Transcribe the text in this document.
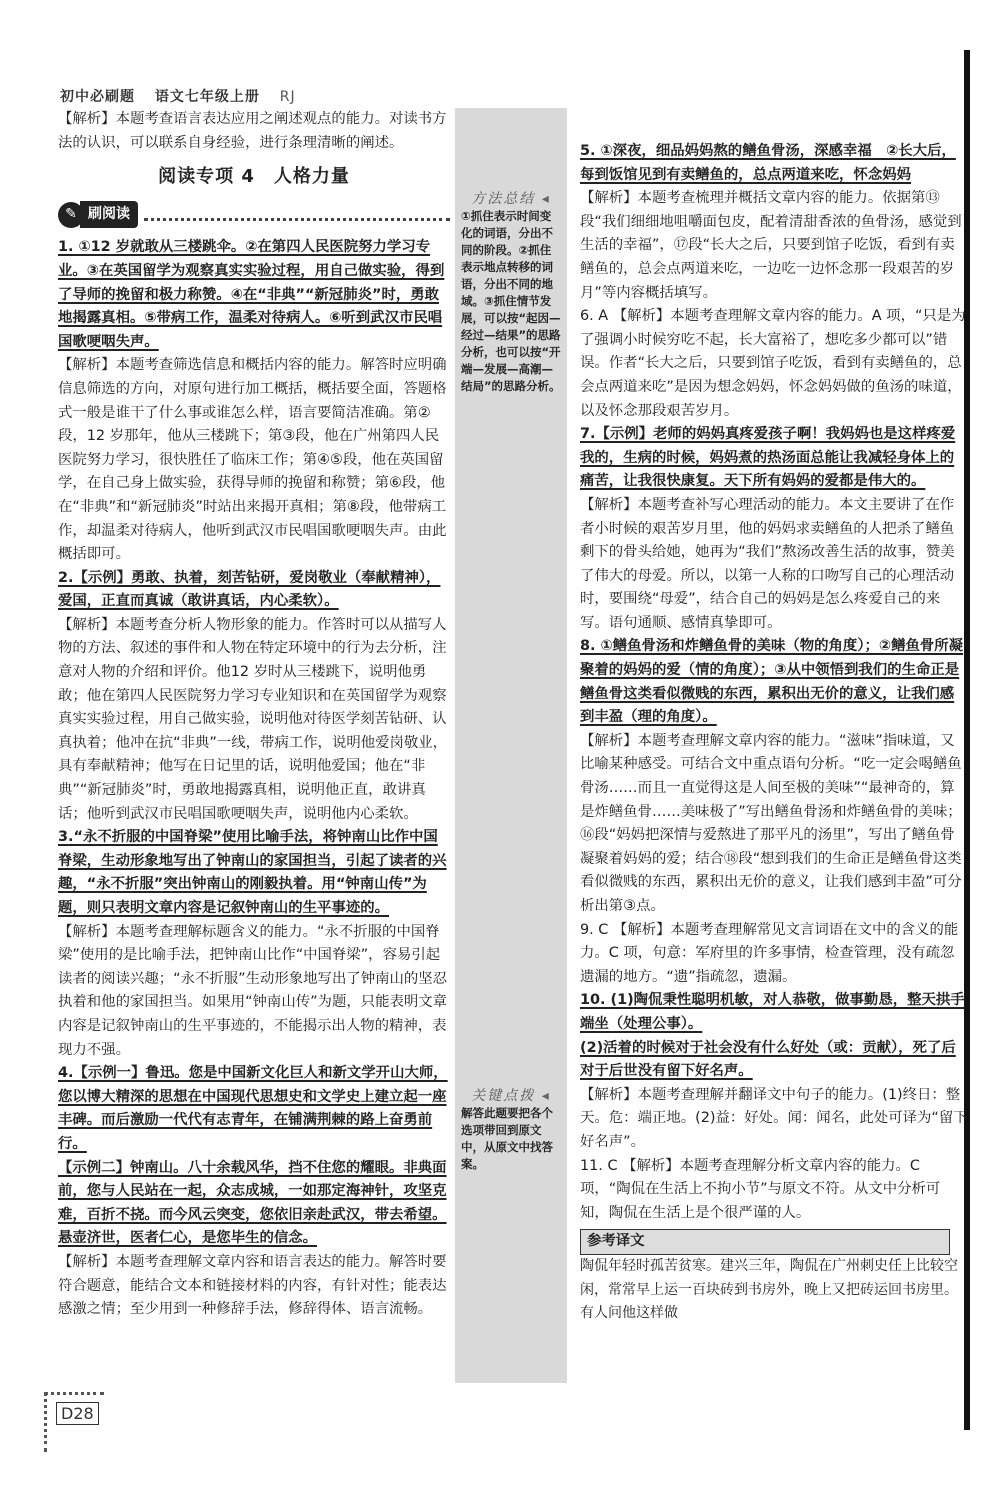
初中必刷题 语文七年级上册 RJ

【解析】本题考查语言表达应用之阐述观点的能力。对读书方法的认识，可以联系自身经验，进行条理清晰的阐述。

阅读专项 4　人格力量

✎ 刷阅读

1. ①12 岁就敢从三楼跳伞。②在第四人民医院努力学习专业。③在英国留学为观察真实实验过程，用自己做实验，得到了导师的挽留和极力称赞。④在“非典”“新冠肺炎”时，勇敢地揭露真相。⑤带病工作，温柔对待病人。⑥听到武汉市民唱国歌哽咽失声。

【解析】本题考查筛选信息和概括内容的能力。解答时应明确信息筛选的方向，对原句进行加工概括，概括要全面，答题格式一般是谁干了什么事或谁怎么样，语言要简洁准确。第②段，12 岁那年，他从三楼跳下；第③段，他在广州第四人民医院努力学习，很快胜任了临床工作；第④⑤段，他在英国留学，在自己身上做实验，获得导师的挽留和称赞；第⑥段，他在“非典”和“新冠肺炎”时站出来揭开真相；第⑧段，他带病工作，却温柔对待病人，他听到武汉市民唱国歌哽咽失声。由此概括即可。

2.【示例】勇敢、执着，刻苦钻研，爱岗敬业（奉献精神），爱国，正直而真诚（敢讲真话，内心柔软）。

【解析】本题考查分析人物形象的能力。作答时可以从描写人物的方法、叙述的事件和人物在特定环境中的行为去分析，注意对人物的介绍和评价。他12 岁时从三楼跳下，说明他勇敢；他在第四人民医院努力学习专业知识和在英国留学为观察真实实验过程，用自己做实验，说明他对待医学刻苦钻研、认真执着；他冲在抗“非典”一线，带病工作，说明他爱岗敬业，具有奉献精神；他写在日记里的话，说明他爱国；他在“非典”“新冠肺炎”时，勇敢地揭露真相，说明他正直，敢讲真话；他听到武汉市民唱国歌哽咽失声，说明他内心柔软。

3.“永不折服的中国脊梁”使用比喻手法，将钟南山比作中国脊梁，生动形象地写出了钟南山的家国担当，引起了读者的兴趣，“永不折服”突出钟南山的刚毅执着。用“钟南山传”为题，则只表明文章内容是记叙钟南山的生平事迹的。

【解析】本题考查理解标题含义的能力。“永不折服的中国脊梁”使用的是比喻手法，把钟南山比作“中国脊梁”，容易引起读者的阅读兴趣；“永不折服”生动形象地写出了钟南山的坚忍执着和他的家国担当。如果用“钟南山传”为题，只能表明文章内容是记叙钟南山的生平事迹的，不能揭示出人物的精神，表现力不强。

4.【示例一】鲁迅。您是中国新文化巨人和新文学开山大师，您以博大精深的思想在中国现代思想史和文学史上建立起一座丰碑。而后激励一代代有志青年，在铺满荆棘的路上奋勇前行。

【示例二】钟南山。八十余载风华，挡不住您的耀眼。非典面前，您与人民站在一起，众志成城，一如那定海神针，攻坚克难，百折不挠。而今风云突变，您依旧亲赴武汉，带去希望。悬壶济世，医者仁心，是您毕生的信念。

【解析】本题考查理解文章内容和语言表达的能力。解答时要符合题意，能结合文本和链接材料的内容，有针对性；能表达感激之情；至少用到一种修辞手法，修辞得体、语言流畅。

方法总结 ◂
①抓住表示时间变化的词语，分出不同的阶段。②抓住表示地点转移的词语，分出不同的地域。③抓住情节发展，可以按“起因—经过—结果”的思路分析，也可以按“开端—发展—高潮—结局”的思路分析。
关键点拨 ◂
解答此题要把各个选项带回到原文中，从原文中找答案。

5. ①深夜，细品妈妈熬的鳝鱼骨汤，深感幸福　②长大后，每到饭馆见到有卖鳝鱼的，总点两道来吃，怀念妈妈

【解析】本题考查梳理并概括文章内容的能力。依据第⑬段“我们细细地咀嚼面包皮，配着清甜香浓的鱼骨汤，感觉到生活的幸福”，⑰段“长大之后，只要到馆子吃饭，看到有卖鳝鱼的，总会点两道来吃，一边吃一边怀念那一段艰苦的岁月”等内容概括填写。

6. A 【解析】本题考查理解文章内容的能力。A 项，“只是为了强调小时候穷吃不起，长大富裕了，想吃多少都可以”错误。作者“长大之后，只要到馆子吃饭，看到有卖鳝鱼的，总会点两道来吃”是因为想念妈妈，怀念妈妈做的鱼汤的味道，以及怀念那段艰苦岁月。

7.【示例】老师的妈妈真疼爱孩子啊！我妈妈也是这样疼爱我的，生病的时候，妈妈煮的热汤面总能让我减轻身体上的痛苦，让我很快康复。天下所有妈妈的爱都是伟大的。

【解析】本题考查补写心理活动的能力。本文主要讲了在作者小时候的艰苦岁月里，他的妈妈求卖鳝鱼的人把杀了鳝鱼剩下的骨头给她，她再为“我们”熬汤改善生活的故事，赞美了伟大的母爱。所以，以第一人称的口吻写自己的心理活动时，要围绕“母爱”，结合自己的妈妈是怎么疼爱自己的来写。语句通顺、感情真挚即可。

8. ①鳝鱼骨汤和炸鳝鱼骨的美味（物的角度）；②鳝鱼骨所凝聚着的妈妈的爱（情的角度）；③从中领悟到我们的生命正是鳝鱼骨这类看似微贱的东西，累积出无价的意义，让我们感到丰盈（理的角度）。

【解析】本题考查理解文章内容的能力。“滋味”指味道，又比喻某种感受。可结合文中重点语句分析。“吃一定会喝鳝鱼骨汤……而且一直觉得这是人间至极的美味”“最神奇的，算是炸鳝鱼骨……美味极了”写出鳝鱼骨汤和炸鳝鱼骨的美味；⑯段“妈妈把深情与爱熬进了那平凡的汤里”，写出了鳝鱼骨凝聚着妈妈的爱；结合⑱段“想到我们的生命正是鳝鱼骨这类看似微贱的东西，累积出无价的意义，让我们感到丰盈”可分析出第③点。

9. C 【解析】本题考查理解常见文言词语在文中的含义的能力。C 项，句意：军府里的许多事情，检查管理，没有疏忽遗漏的地方。“遗”指疏忽，遗漏。

10. (1)陶侃秉性聪明机敏，对人恭敬，做事勤恳，整天拱手端坐（处理公事）。

(2)活着的时候对于社会没有什么好处（或：贡献），死了后对于后世没有留下好名声。

【解析】本题考查理解并翻译文中句子的能力。(1)终日：整天。危：端正地。(2)益：好处。闻：闻名，此处可译为“留下好名声”。

11. C 【解析】本题考查理解分析文章内容的能力。C 项，“陶侃在生活上不拘小节”与原文不符。从文中分析可知，陶侃在生活上是个很严谨的人。

参考译文

陶侃年轻时孤苦贫寒。建兴三年，陶侃在广州刺史任上比较空闲，常常早上运一百块砖到书房外，晚上又把砖运回书房里。有人问他这样做

D28
